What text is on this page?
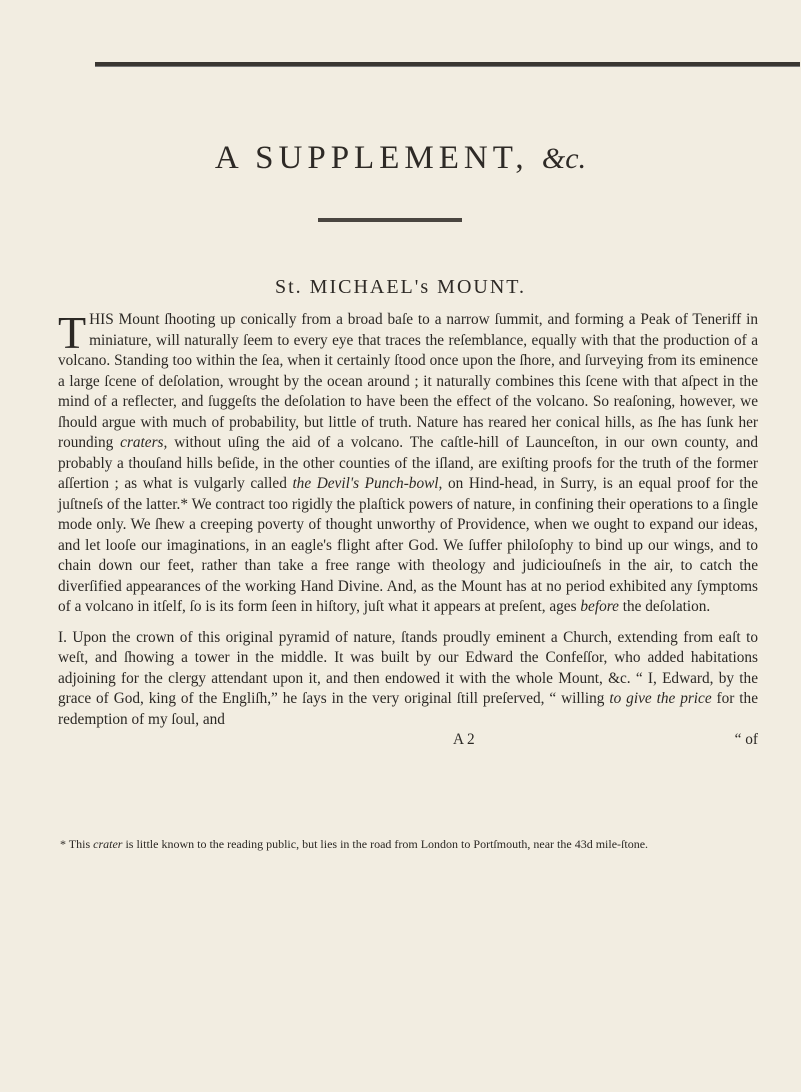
A SUPPLEMENT, &c.
St. MICHAEL's MOUNT.

THIS Mount ſhooting up conically from a broad baſe to a narrow ſummit, and forming a Peak of Teneriff in miniature, will naturally ſeem to every eye that traces the reſemblance, equally with that the production of a volcano. Standing too within the ſea, when it certainly ſtood once upon the ſhore, and ſurveying from its eminence a large ſcene of deſolation, wrought by the ocean around ; it naturally combines this ſcene with that aſpect in the mind of a reflecter, and ſuggeſts the deſolation to have been the effect of the volcano. So reaſoning, however, we ſhould argue with much of probability, but little of truth. Nature has reared her conical hills, as ſhe has ſunk her rounding craters, without uſing the aid of a volcano. The caſtle-hill of Launceſton, in our own county, and probably a thouſand hills beſide, in the other counties of the iſland, are exiſting proofs for the truth of the former aſſertion ; as what is vulgarly called the Devil's Punch-bowl, on Hind-head, in Surry, is an equal proof for the juſtneſs of the latter.* We contract too rigidly the plaſtick powers of nature, in confining their operations to a ſingle mode only. We ſhew a creeping poverty of thought unworthy of Providence, when we ought to expand our ideas, and let looſe our imaginations, in an eagle's flight after God. We ſuffer philoſophy to bind up our wings, and to chain down our feet, rather than take a free range with theology and judiciouſneſs in the air, to catch the diverſified appearances of the working Hand Divine. And, as the Mount has at no period exhibited any ſymptoms of a volcano in itſelf, ſo is its form ſeen in hiſtory, juſt what it appears at preſent, ages before the deſolation.

I. Upon the crown of this original pyramid of nature, ſtands proudly eminent a Church, extending from eaſt to weſt, and ſhowing a tower in the middle. It was built by our Edward the Confeſſor, who added habitations adjoining for the clergy attendant upon it, and then endowed it with the whole Mount, &c. “ I, Edward, by the grace of God, king of the Engliſh,” he ſays in the very original ſtill preſerved, “ willing to give the price for the redemption of my ſoul, and

A 2	“ of

* This crater is little known to the reading public, but lies in the road from London to Portſmouth, near the 43d mile-ſtone.
